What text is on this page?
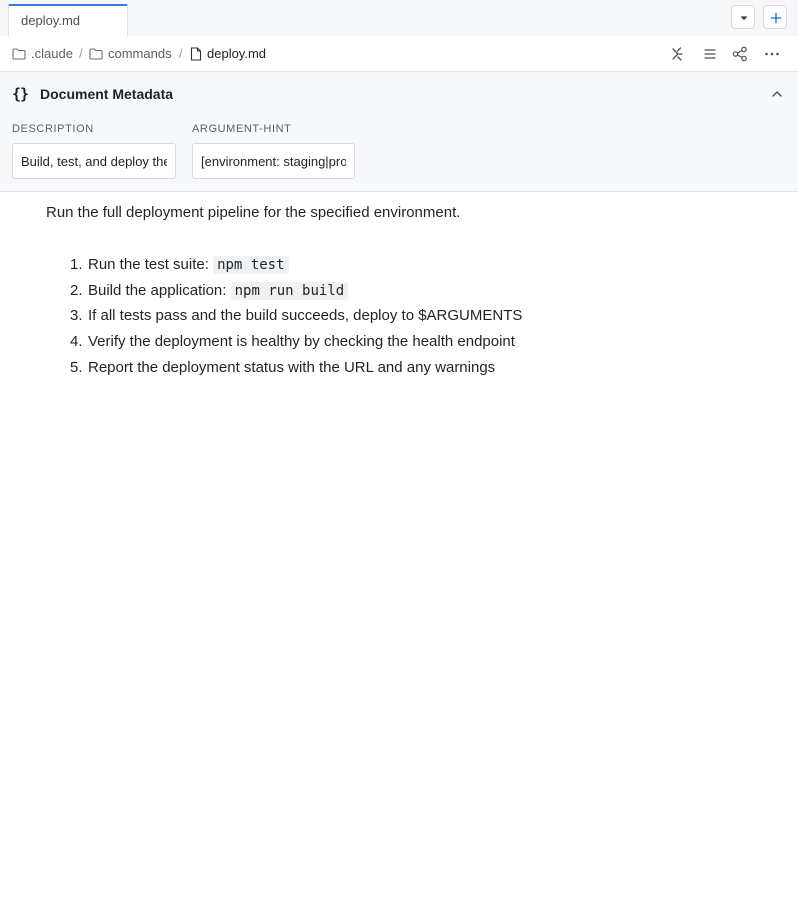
deploy.md
.claude / commands / deploy.md
{} Document Metadata
DESCRIPTION
Build, test, and deploy the application	ARGUMENT-HINT
[environment: staging|production]

Run the full deployment pipeline for the specified environment.

1. Run the test suite: npm test
2. Build the application: npm run build
3. If all tests pass and the build succeeds, deploy to $ARGUMENTS
4. Verify the deployment is healthy by checking the health endpoint
5. Report the deployment status with the URL and any warnings
